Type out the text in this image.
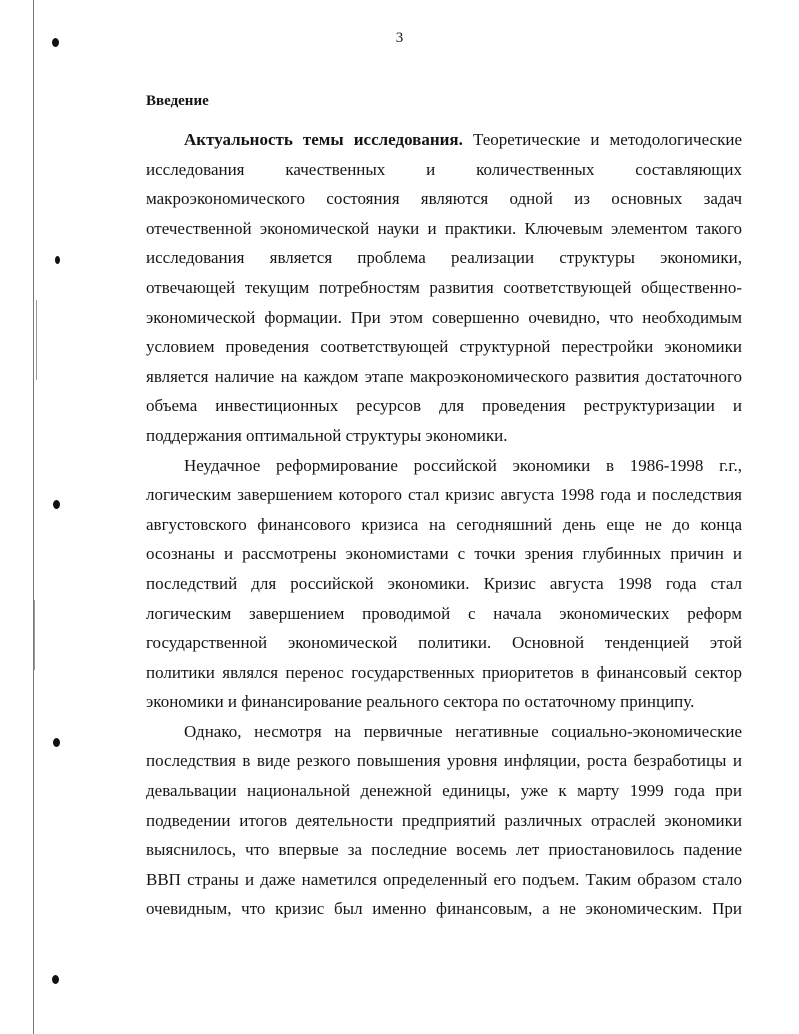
3
Введение

Актуальность темы исследования. Теоретические и методологические
исследования качественных и количественных составляющих
макроэкономического состояния являются одной из основных задач
отечественной экономической науки и практики. Ключевым элементом такого
исследования является проблема реализации структуры экономики,
отвечающей текущим потребностям развития соответствующей общественно-
экономической формации. При этом совершенно очевидно, что необходимым
условием проведения соответствующей структурной перестройки экономики
является наличие на каждом этапе макроэкономического развития достаточного
объема инвестиционных ресурсов для проведения реструктуризации и
поддержания оптимальной структуры экономики.

Неудачное реформирование российской экономики в 1986-1998 г.г.,
логическим завершением которого стал кризис августа 1998 года и последствия
августовского финансового кризиса на сегодняшний день еще не до конца
осознаны и рассмотрены экономистами с точки зрения глубинных причин и
последствий для российской экономики. Кризис августа 1998 года стал
логическим завершением проводимой с начала экономических реформ
государственной экономической политики. Основной тенденцией этой
политики являлся перенос государственных приоритетов в финансовый сектор
экономики и финансирование реального сектора по остаточному принципу.

Однако, несмотря на первичные негативные социально-экономические
последствия в виде резкого повышения уровня инфляции, роста безработицы и
девальвации национальной денежной единицы, уже к марту 1999 года при
подведении итогов деятельности предприятий различных отраслей экономики
выяснилось, что впервые за последние восемь лет приостановилось падение
ВВП страны и даже наметился определенный его подъем. Таким образом стало
очевидным, что кризис был именно финансовым, а не экономическим. При
